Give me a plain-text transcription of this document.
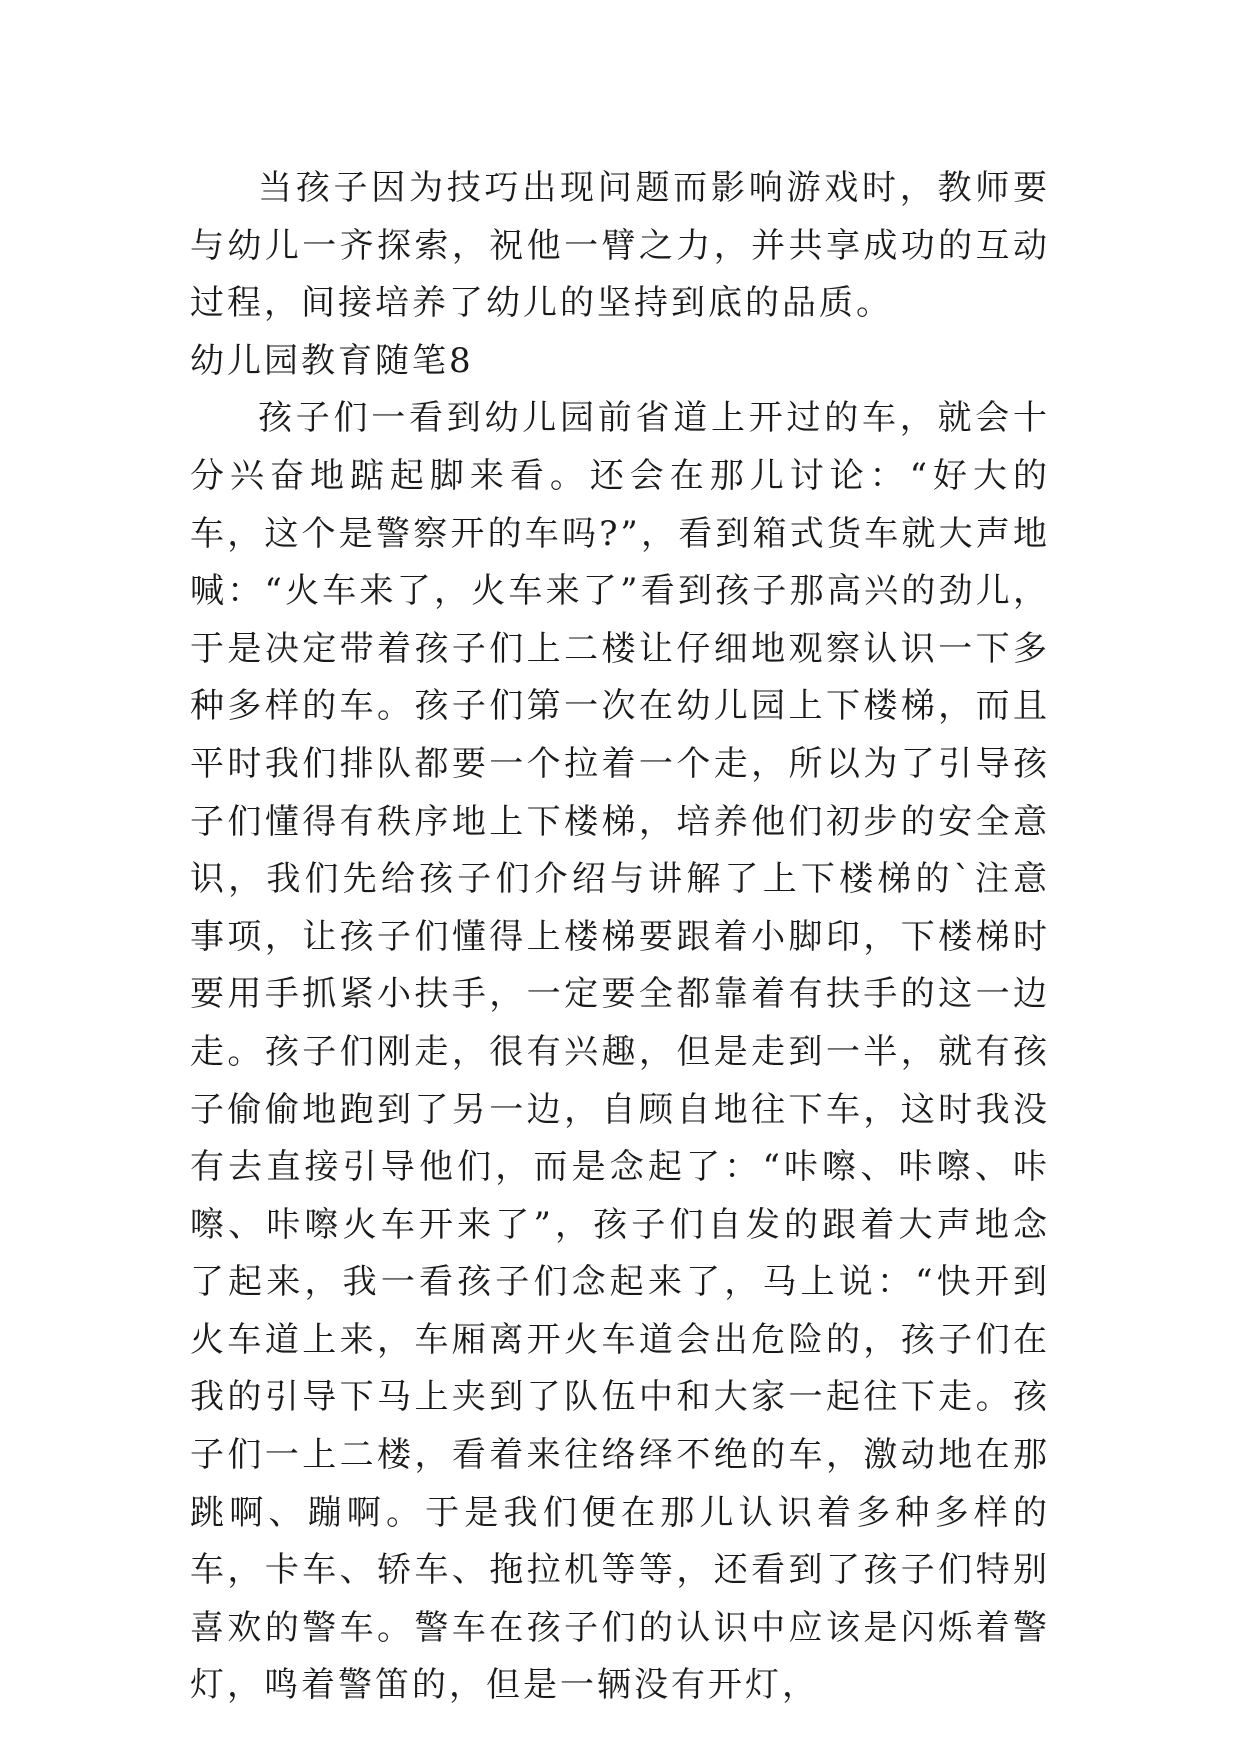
当孩子因为技巧出现问题而影响游戏时，教师要与幼儿一齐探索，祝他一臂之力，并共享成功的互动过程，间接培养了幼儿的坚持到底的品质。

幼儿园教育随笔8

孩子们一看到幼儿园前省道上开过的车，就会十分兴奋地踮起脚来看。还会在那儿讨论：“好大的车，这个是警察开的车吗?”，看到箱式货车就大声地喊：“火车来了，火车来了”看到孩子那高兴的劲儿，于是决定带着孩子们上二楼让仔细地观察认识一下多种多样的车。孩子们第一次在幼儿园上下楼梯，而且平时我们排队都要一个拉着一个走，所以为了引导孩子们懂得有秩序地上下楼梯，培养他们初步的安全意识，我们先给孩子们介绍与讲解了上下楼梯的`注意事项，让孩子们懂得上楼梯要跟着小脚印，下楼梯时要用手抓紧小扶手，一定要全都靠着有扶手的这一边走。孩子们刚走，很有兴趣，但是走到一半，就有孩子偷偷地跑到了另一边，自顾自地往下车，这时我没有去直接引导他们，而是念起了：“咔嚓、咔嚓、咔嚓、咔嚓火车开来了”，孩子们自发的跟着大声地念了起来，我一看孩子们念起来了，马上说：“快开到火车道上来，车厢离开火车道会出危险的，孩子们在我的引导下马上夹到了队伍中和大家一起往下走。孩子们一上二楼，看着来往络绎不绝的车，激动地在那跳啊、蹦啊。于是我们便在那儿认识着多种多样的车，卡车、轿车、拖拉机等等，还看到了孩子们特别喜欢的警车。警车在孩子们的认识中应该是闪烁着警灯，鸣着警笛的，但是一辆没有开灯，
